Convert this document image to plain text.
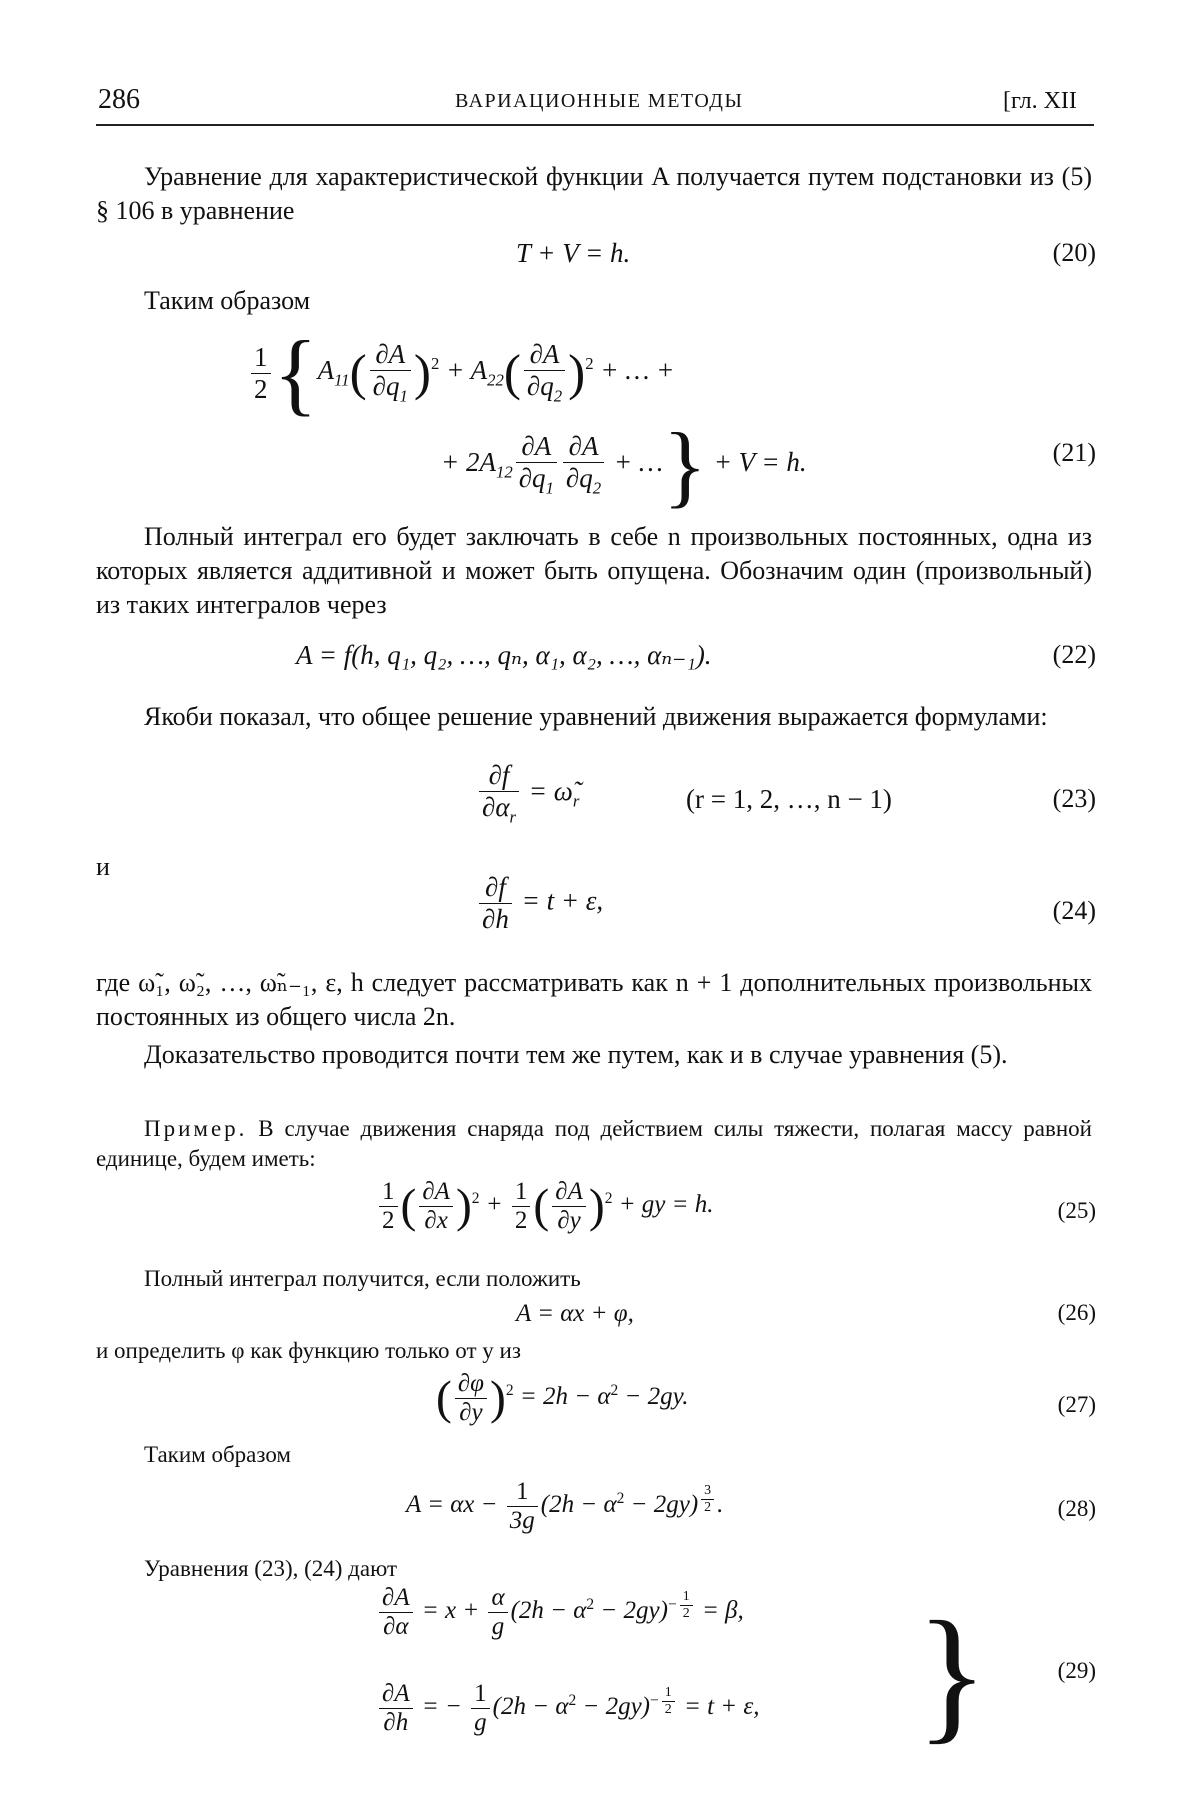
286	ВАРИАЦИОННЫЕ МЕТОДЫ	[гл. XII
Уравнение для характеристической функции A получается путем подстановки из (5) § 106 в уравнение
T + V = h.	(20)
Таким образом
$\frac{1}{2} \{A_{11}( \frac{\partial A}{\partial q_1} )^2 + A_{22}( \frac{\partial A}{\partial q_2} )^2$ + … +
+ $2A_{12} \frac{\partial A}{\partial q_1} \frac{\partial A}{\partial q_2}$ + …} + V = h.	(21)
Полный интеграл его будет заключать в себе n произвольных постоянных, одна из которых является аддитивной и может быть опущена. Обозначим один (произвольный) из таких интегралов через
A = f(h, q₁, q₂, …, qₙ, α₁, α₂, …, αₙ₋₁).	(22)
Якоби показал, что общее решение уравнений движения выражается формулами:
$\frac{\partial f}{\partial\alpha_r}$ = $\omegã_r$	(r = 1, 2, …, n − 1)	(23)
и
$\frac{\partial f}{\partial h} = t + \varepsilon$,	(24)
где ω̃₁, ω̃₂, …, ω̃ₙ₋₁, ε, h следует рассматривать как n + 1 дополнительных произвольных постоянных из общего числа 2n.
Доказательство проводится почти тем же путем, как и в случае уравнения (5).
Пример. В случае движения снаряда под действием силы тяжести, полагая массу равной единице, будем иметь:
$\frac{1}{2}$ ( $\frac{\partial A}{\partial x} )^2 + \frac{1}{2}$ ( $\frac{\partial A}{\partial y} )^2$ + gy = h.	(25)
Полный интеграл получится, если положить
A = αx + φ,	(26)
и определить φ как функцию только от y из
( $\frac{\partial\varphi}{\partial y} )^2 = 2h - \alpha^2 - 2gy$.	(27)
Таким образом
$A = \alpha x - \frac{1}{3g} (2h - \alpha^2 - 2gy)$ $^{\frac{3}{2}}$ .	(28)
Уравнения (23), (24) дают
$\frac{\partial A}{\partial\alpha} = x + \frac{\alpha}{g} (2h - \alpha^2 - 2gy)^{- \frac{1}{2}} = \beta$,
$\frac{\partial A}{\partial h}$ = − $\frac{1}{g} (2h - \alpha^2 - 2gy)^{- \frac{1}{2}} = t + \varepsilon$, }	(29)
